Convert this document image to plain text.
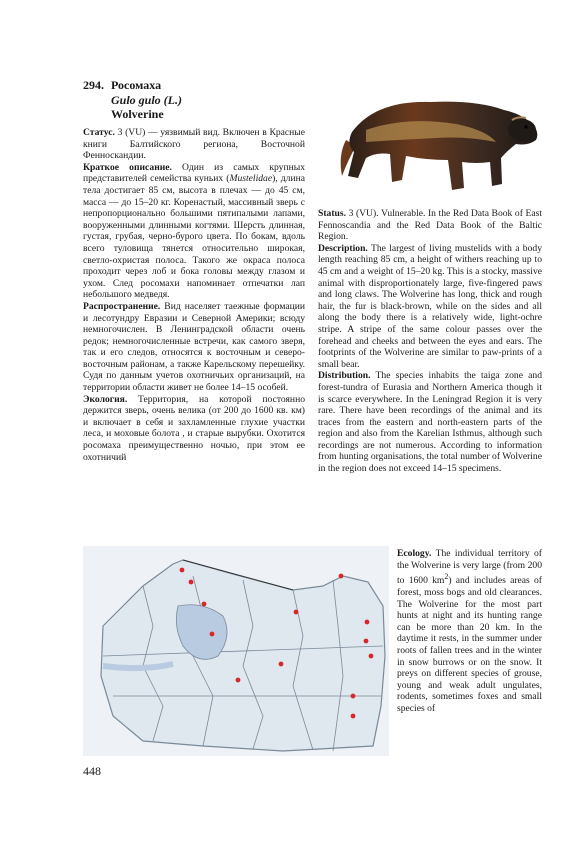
294. Росомаха
Gulo gulo (L.)
Wolverine

Статус. 3 (VU) — уязвимый вид. Включен в Красные книги Балтийского региона, Восточной Фенноскандии.

Краткое описание. Один из самых крупных представителей семейства куньих (Mustelidae), длина тела достигает 85 см, высота в плечах — до 45 см, масса — до 15–20 кг. Коренастый, массивный зверь с непропорционально большими пятипалыми лапами, вооруженными длинными когтями. Шерсть длинная, густая, грубая, черно-бурого цвета. По бокам, вдоль всего туловища тянется относительно широкая, светло-охристая полоса. Такого же окраса полоса проходит через лоб и бока головы между глазом и ухом. След росомахи напоминает отпечатки лап небольшого медведя.

Распространение. Вид населяет таежные формации и лесотундру Евразии и Северной Америки; всюду немногочислен. В Ленинградской области очень редок; немногочисленные встречи, как самого зверя, так и его следов, относятся к восточным и северо-восточным районам, а также Карельскому перешейку. Судя по данным учетов охотничьих организаций, на территории области живет не более 14–15 особей.

Экология. Территория, на которой постоянно держится зверь, очень велика (от 200 до 1600 кв. км) и включает в себя и захламленные глухие участки леса, и моховые болота , и старые вырубки. Охотится росомаха преимущественно ночью, при этом ее охотничий

Status. 3 (VU). Vulnerable. In the Red Data Book of East Fennoscandia and the Red Data Book of the Baltic Region.

Description. The largest of living mustelids with a body length reaching 85 cm, a height of withers reaching up to 45 cm and a weight of 15–20 kg. This is a stocky, massive animal with disproportionately large, five-fingered paws and long claws. The Wolverine has long, thick and rough hair, the fur is black-brown, while on the sides and all along the body there is a relatively wide, light-ochre stripe. A stripe of the same colour passes over the forehead and cheeks and between the eyes and ears. The footprints of the Wolverine are similar to paw-prints of a small bear.

Distribution. The species inhabits the taiga zone and forest-tundra of Eurasia and Northern America though it is scarce everywhere. In the Leningrad Region it is very rare. There have been recordings of the animal and its traces from the eastern and north-eastern parts of the region and also from the Karelian Isthmus, although such recordings are not numerous. According to information from hunting organisations, the total number of Wolverine in the region does not exceed 14–15 specimens.

Ecology. The individual territory of the Wolverine is very large (from 200 to 1600 $km^2$) and includes areas of forest, moss bogs and old clearances. The Wolverine for the most part hunts at night and its hunting range can be more than 20 km. In the daytime it rests, in the summer under roots of fallen trees and in the winter in snow burrows or on the snow. It preys on different species of grouse, young and weak adult ungulates, rodents, sometimes foxes and small species of

448
